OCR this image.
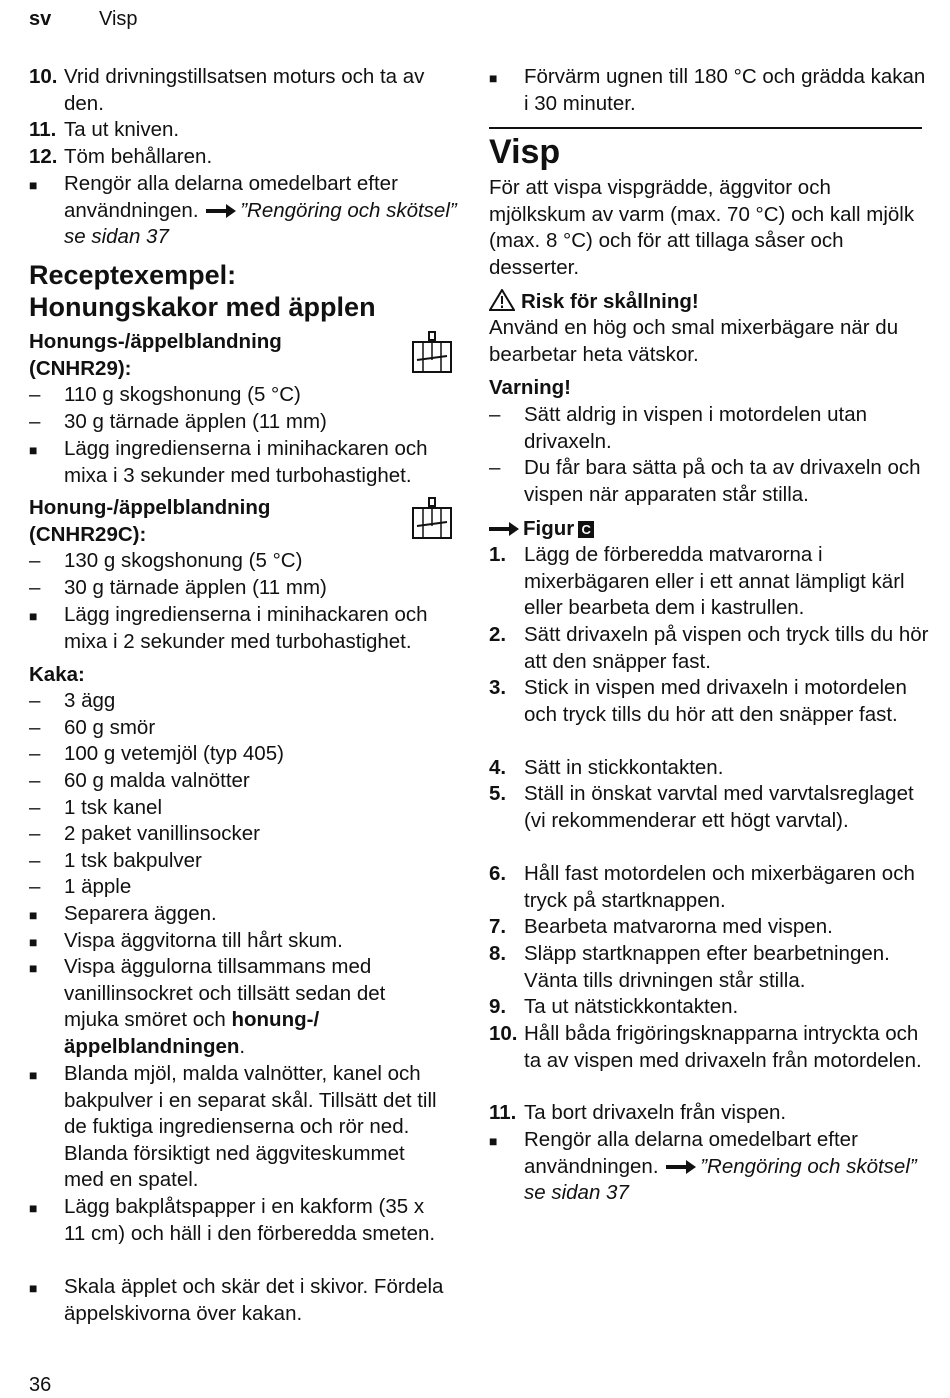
sv Visp
10. Vrid drivningstillsatsen moturs och ta av den.
11. Ta ut kniven.
12. Töm behållaren.
■	Rengör alla delarna omedelbart efter användningen. ”Rengöring och skötsel” se sidan 37
Receptexempel:
Honungskakor med äpplen
Honungs-/äppelblandning (CNHR29):
–	110 g skogshonung (5 °C)
–	30 g tärnade äpplen (11 mm)
■	Lägg ingredienserna i minihackaren och mixa i 3 sekunder med turbohastighet.
Honung-/äppelblandning (CNHR29C):
–	130 g skogshonung (5 °C)
–	30 g tärnade äpplen (11 mm)
■	Lägg ingredienserna i minihackaren och mixa i 2 sekunder med turbohastighet.
Kaka:
–	3 ägg
–	60 g smör
–	100 g vetemjöl (typ 405)
–	60 g malda valnötter
–	1 tsk kanel
–	2 paket vanillinsocker
–	1 tsk bakpulver
–	1 äpple
■	Separera äggen.
■	Vispa äggvitorna till hårt skum.
■	Vispa äggulorna tillsammans med vanillinsockret och tillsätt sedan det mjuka smöret och honung-/ äppelblandningen.
■	Blanda mjöl, malda valnötter, kanel och bakpulver i en separat skål. Tillsätt det till de fuktiga ingredienserna och rör ned. Blanda försiktigt ned äggviteskummet med en spatel.
■	Lägg bakplåtspapper i en kakform (35 x 11 cm) och häll i den förberedda smeten.
■	Skala äpplet och skär det i skivor. Fördela äppelskivorna över kakan.
■	Förvärm ugnen till 180 °C och grädda kakan i 30 minuter.
Visp
För att vispa vispgrädde, äggvitor och mjölkskum av varm (max. 70 °C) och kall mjölk (max. 8 °C) och för att tillaga såser och desserter.
Risk för skållning!
Använd en hög och smal mixerbägare när du bearbetar heta vätskor.
Varning!
–	Sätt aldrig in vispen i motordelen utan drivaxeln.
–	Du får bara sätta på och ta av drivaxeln och vispen när apparaten står stilla.
Figur C
1. Lägg de förberedda matvarorna i mixerbägaren eller i ett annat lämpligt kärl eller bearbeta dem i kastrullen.
2. Sätt drivaxeln på vispen och tryck tills du hör att den snäpper fast.
3. Stick in vispen med drivaxeln i motordelen och tryck tills du hör att den snäpper fast.
4. Sätt in stickkontakten.
5. Ställ in önskat varvtal med varvtalsreglaget (vi rekommenderar ett högt varvtal).
6. Håll fast motordelen och mixerbägaren och tryck på startknappen.
7. Bearbeta matvarorna med vispen.
8. Släpp startknappen efter bearbetningen. Vänta tills drivningen står stilla.
9. Ta ut nätstickkontakten.
10. Håll båda frigöringsknapparna intryckta och ta av vispen med drivaxeln från motordelen.
11. Ta bort drivaxeln från vispen.
■	Rengör alla delarna omedelbart efter användningen. ”Rengöring och skötsel” se sidan 37
36
